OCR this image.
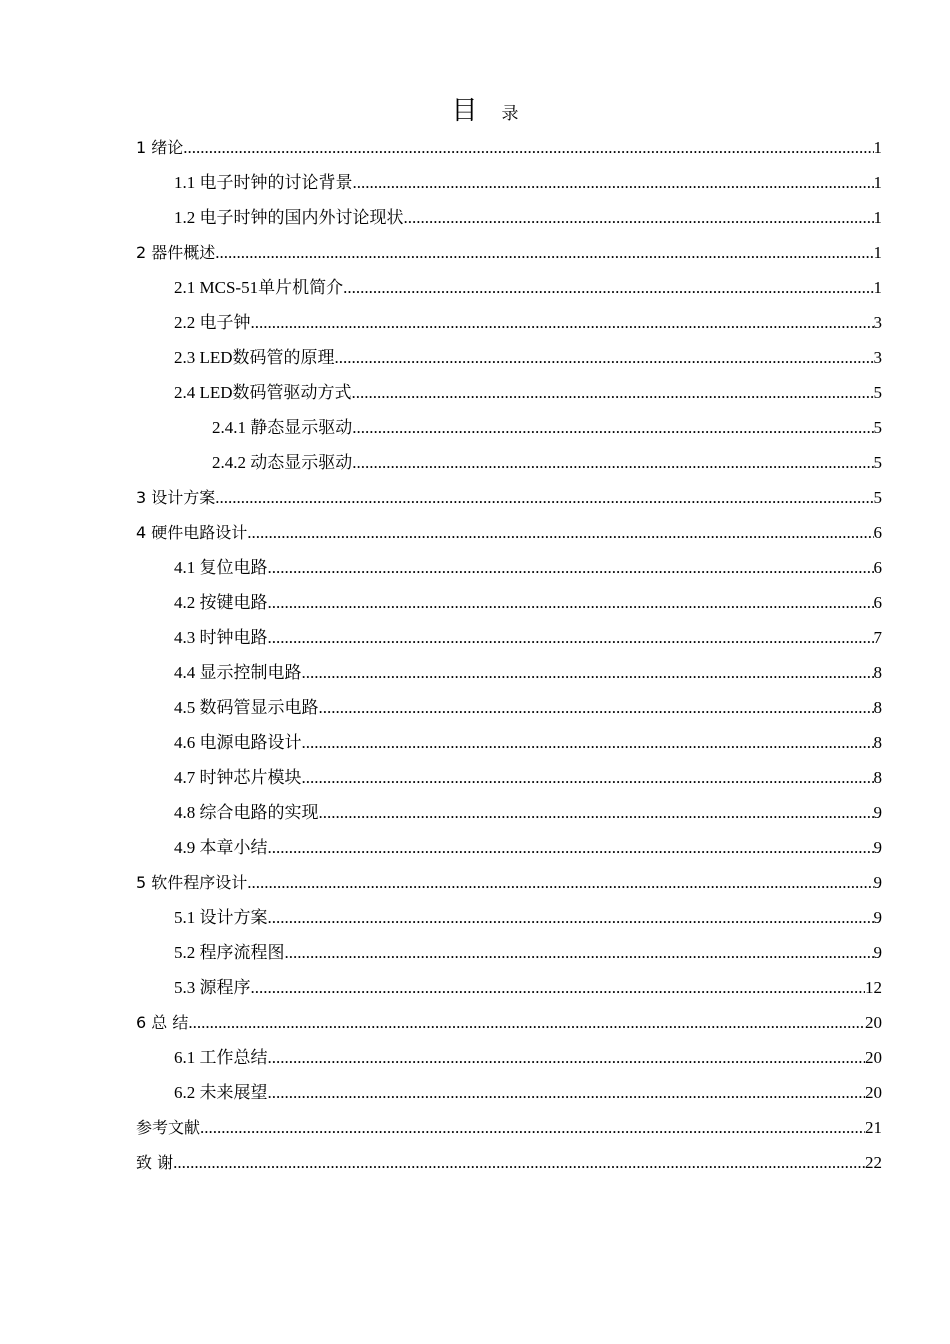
目 录
1 绪论 .....	1
1.1 电子时钟的讨论背景 .....	1
1.2 电子时钟的国内外讨论现状 .....	1
2 器件概述 .....	1
2.1 MCS-51单片机简介 .....	1
2.2 电子钟 .....	3
2.3 LED数码管的原理 .....	3
2.4 LED数码管驱动方式 .....	5
2.4.1 静态显示驱动 .....	5
2.4.2 动态显示驱动 .....	5
3 设计方案 .....	5
4 硬件电路设计 .....	6
4.1 复位电路 .....	6
4.2 按键电路 .....	6
4.3 时钟电路 .....	7
4.4 显示控制电路 .....	8
4.5 数码管显示电路 .....	8
4.6 电源电路设计 .....	8
4.7 时钟芯片模块 .....	8
4.8 综合电路的实现 .....	9
4.9 本章小结 .....	9
5 软件程序设计 .....	9
5.1 设计方案 .....	9
5.2 程序流程图 .....	9
5.3 源程序 .....	12
6 总 结 .....	20
6.1 工作总结 .....	20
6.2 未来展望 .....	20
参考文献 .....	21
致 谢 .....	22
